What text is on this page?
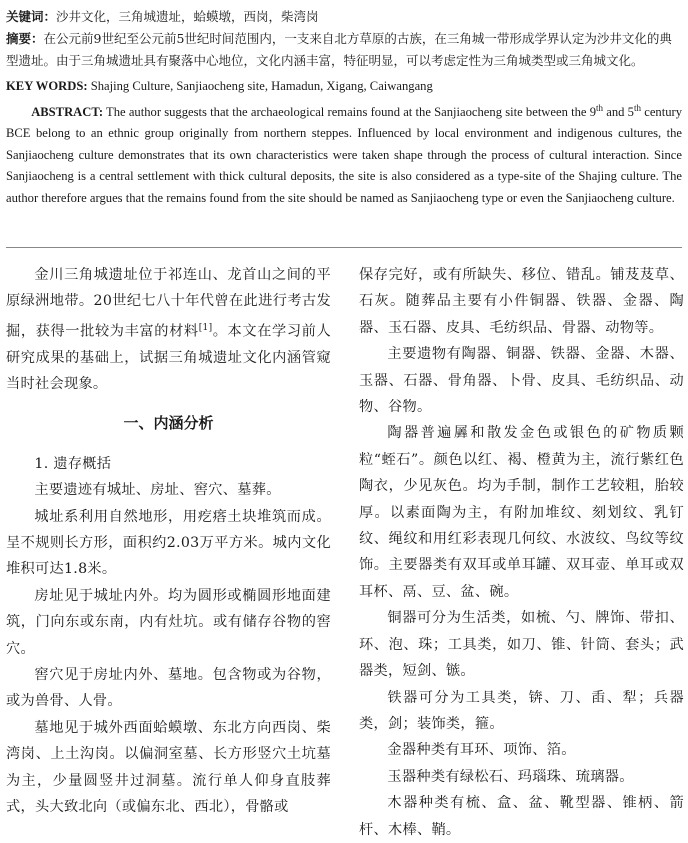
关键词：沙井文化，三角城遗址，蛤蟆墩，西岗，柴湾岗

摘要：在公元前9世纪至公元前5世纪时间范围内，一支来自北方草原的古族，在三角城一带形成学界认定为沙井文化的典型遗址。由于三角城遗址具有聚落中心地位，文化内涵丰富，特征明显，可以考虑定性为三角城类型或三角城文化。

KEY WORDS: Shajing Culture, Sanjiaocheng site, Hamadun, Xigang, Caiwangang

ABSTRACT: The author suggests that the archaeological remains found at the Sanjiaocheng site between the 9th and 5th century BCE belong to an ethnic group originally from northern steppes. Influenced by local environment and indigenous cultures, the Sanjiaocheng culture demonstrates that its own characteristics were taken shape through the process of cultural interaction. Since Sanjiaocheng is a central settlement with thick cultural deposits, the site is also considered as a type-site of the Shajing culture. The author therefore argues that the remains found from the site should be named as Sanjiaocheng type or even the Sanjiaocheng culture.

金川三角城遗址位于祁连山、龙首山之间的平原绿洲地带。20世纪七八十年代曾在此进行考古发掘，获得一批较为丰富的材料[1]。本文在学习前人研究成果的基础上，试据三角城遗址文化内涵管窥当时社会现象。

一、内涵分析

1. 遗存概括

主要遗迹有城址、房址、窖穴、墓葬。

城址系利用自然地形，用疙瘩土块堆筑而成。呈不规则长方形，面积约2.03万平方米。城内文化堆积可达1.8米。

房址见于城址内外。均为圆形或椭圆形地面建筑，门向东或东南，内有灶坑。或有储存谷物的窖穴。

窖穴见于房址内外、墓地。包含物或为谷物，或为兽骨、人骨。

墓地见于城外西面蛤蟆墩、东北方向西岗、柴湾岗、上土沟岗。以偏洞室墓、长方形竖穴土坑墓为主，少量圆竖井过洞墓。流行单人仰身直肢葬式，头大致北向（或偏东北、西北），骨骼或

保存完好，或有所缺失、移位、错乱。铺芨芨草、石灰。随葬品主要有小件铜器、铁器、金器、陶器、玉石器、皮具、毛纺织品、骨器、动物等。

主要遗物有陶器、铜器、铁器、金器、木器、玉器、石器、骨角器、卜骨、皮具、毛纺织品、动物、谷物。

陶器普遍羼和散发金色或银色的矿物质颗粒“蛭石”。颜色以红、褐、橙黄为主，流行紫红色陶衣，少见灰色。均为手制，制作工艺较粗，胎较厚。以素面陶为主，有附加堆纹、刻划纹、乳钉纹、绳纹和用红彩表现几何纹、水波纹、鸟纹等纹饰。主要器类有双耳或单耳罐、双耳壶、单耳或双耳杯、鬲、豆、盆、碗。

铜器可分为生活类，如梳、勺、牌饰、带扣、环、泡、珠；工具类，如刀、锥、针筒、套头；武器类，短剑、镞。

铁器可分为工具类，锛、刀、臿、犁；兵器类，剑；装饰类，箍。

金器种类有耳环、项饰、箔。

玉器种类有绿松石、玛瑙珠、琉璃器。

木器种类有梳、盒、盆、靴型器、锥柄、箭杆、木棒、鞘。
